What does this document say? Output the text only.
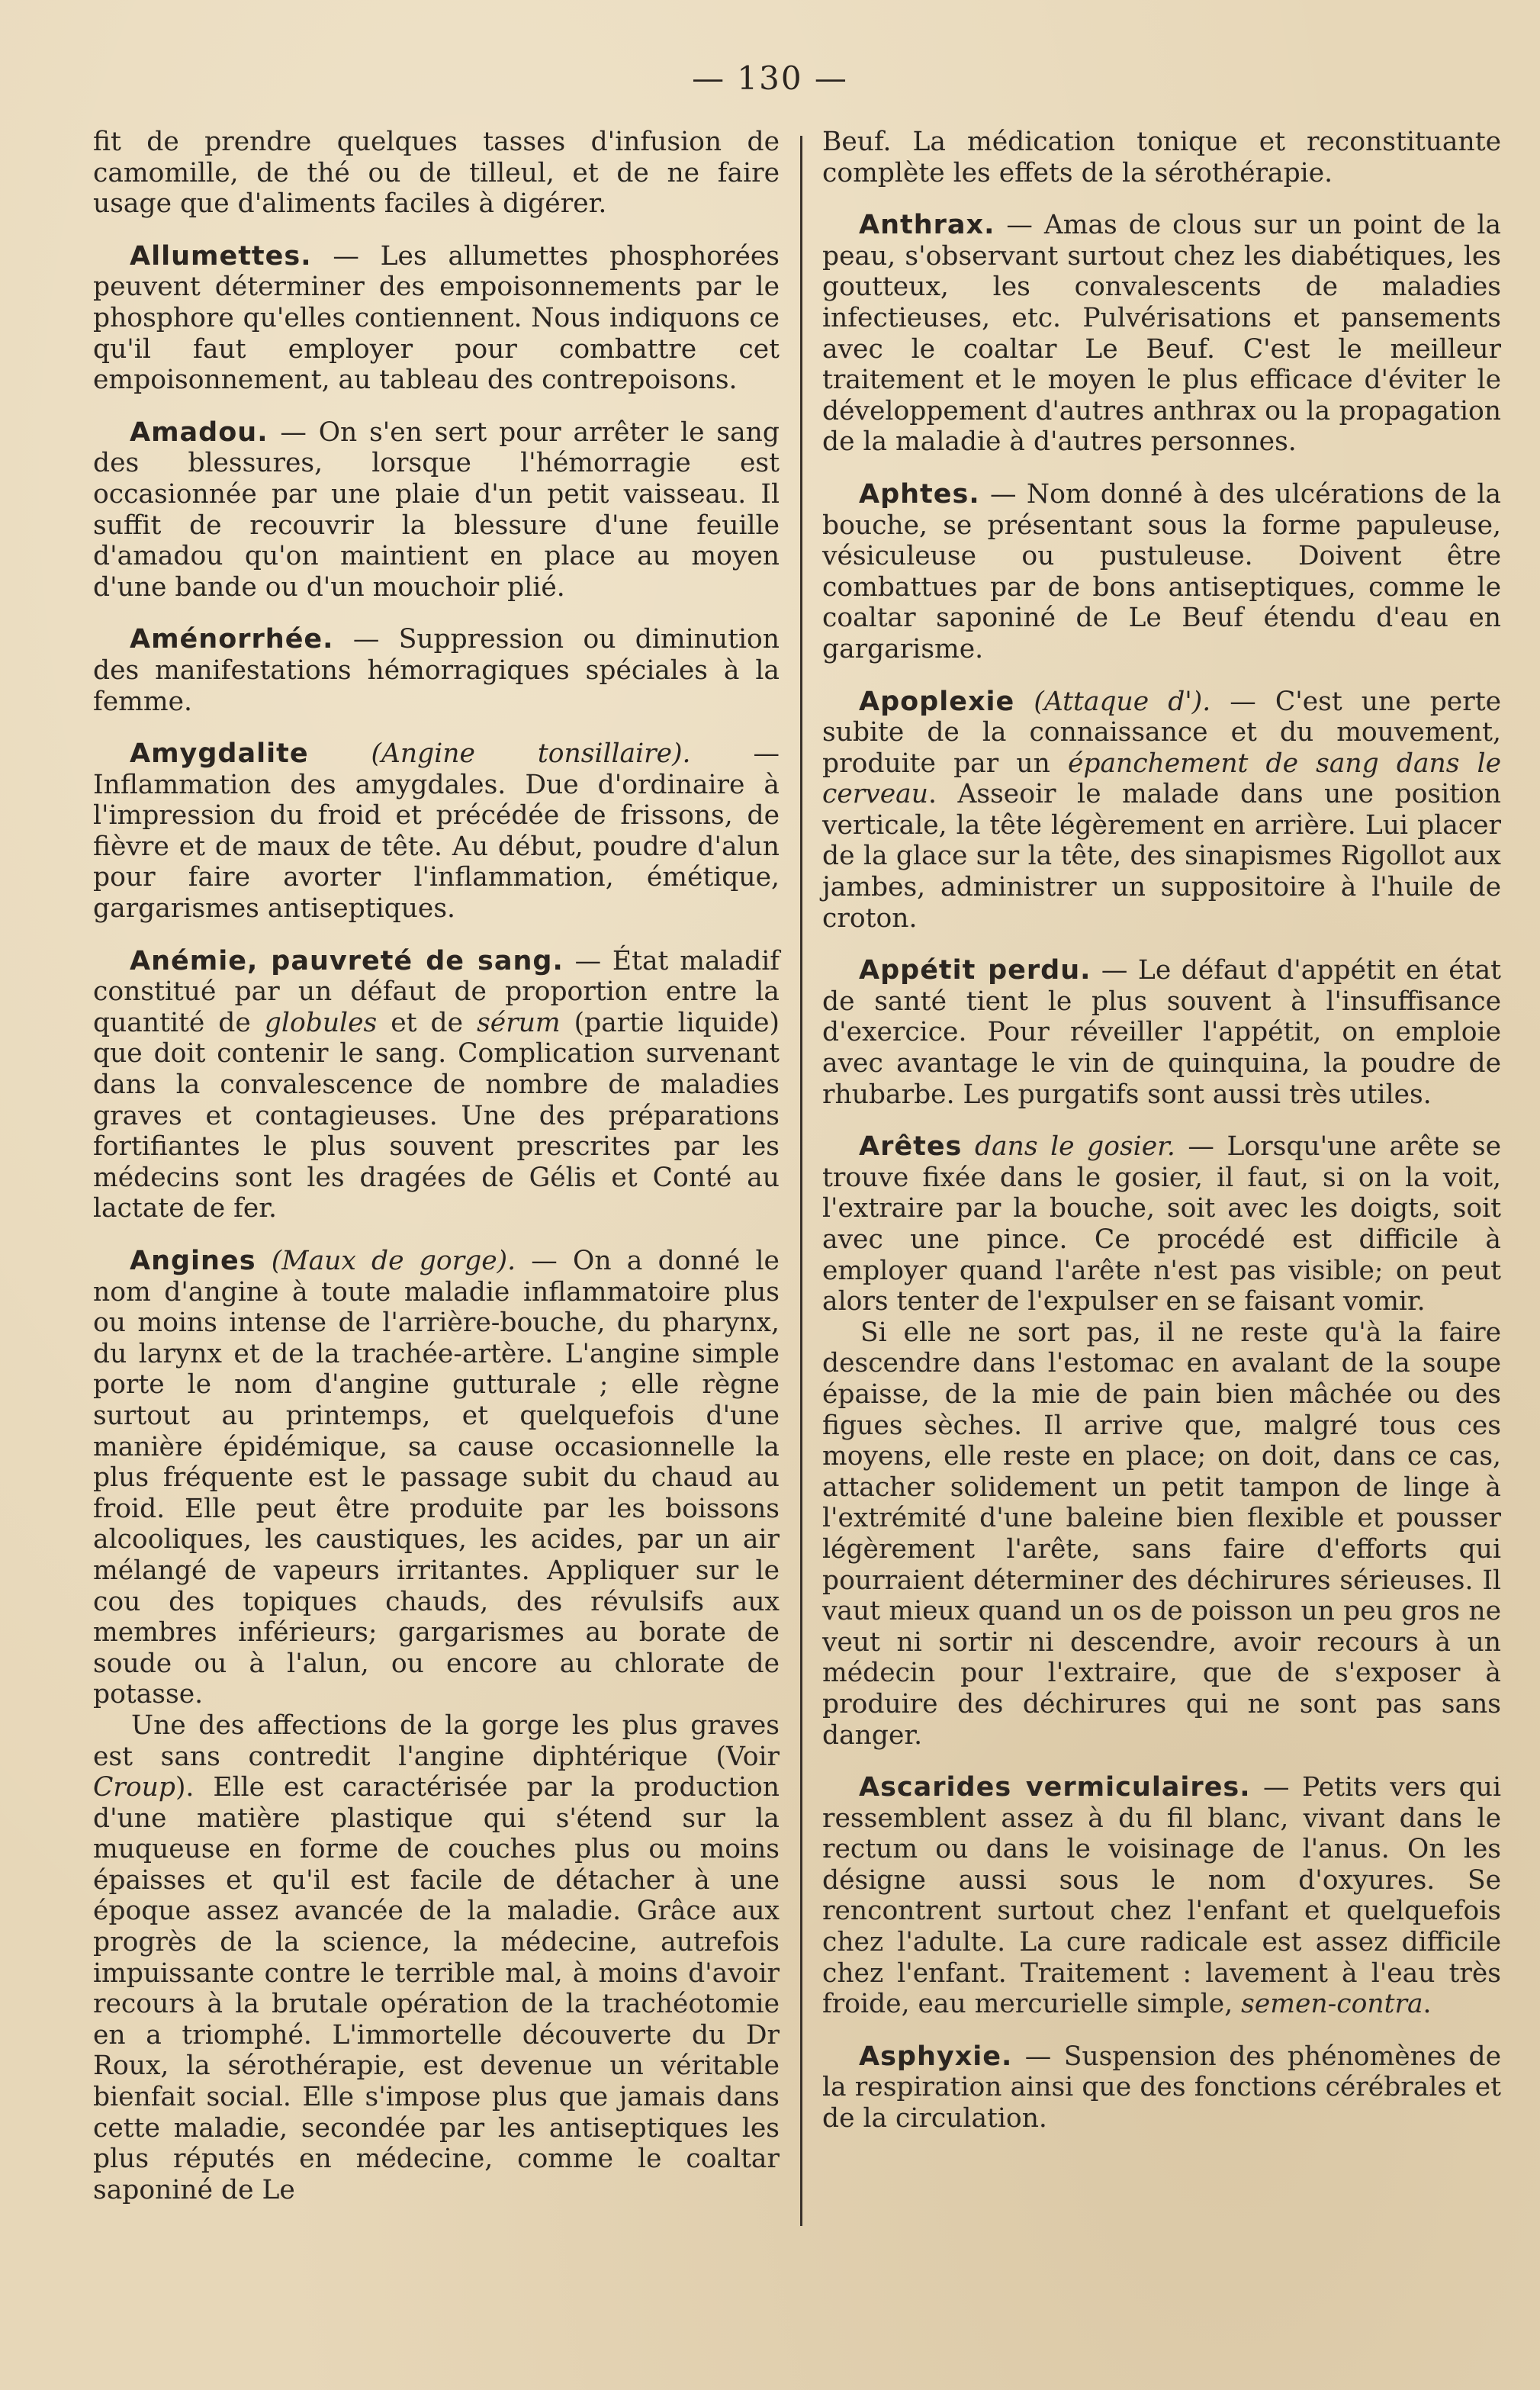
— 130 —

fit de prendre quelques tasses d'infusion de camomille, de thé ou de tilleul, et de ne faire usage que d'aliments faciles à digérer.

Allumettes. — Les allumettes phosphorées peuvent déterminer des empoisonnements par le phosphore qu'elles contiennent. Nous indiquons ce qu'il faut employer pour combattre cet empoisonnement, au tableau des contrepoisons.

Amadou. — On s'en sert pour arrêter le sang des blessures, lorsque l'hémorragie est occasionnée par une plaie d'un petit vaisseau. Il suffit de recouvrir la blessure d'une feuille d'amadou qu'on maintient en place au moyen d'une bande ou d'un mouchoir plié.

Aménorrhée. — Suppression ou diminution des manifestations hémorragiques spéciales à la femme.

Amygdalite (Angine tonsillaire). — Inflammation des amygdales. Due d'ordinaire à l'impression du froid et précédée de frissons, de fièvre et de maux de tête. Au début, poudre d'alun pour faire avorter l'inflammation, émétique, gargarismes antiseptiques.

Anémie, pauvreté de sang. — État maladif constitué par un défaut de proportion entre la quantité de globules et de sérum (partie liquide) que doit contenir le sang. Complication survenant dans la convalescence de nombre de maladies graves et contagieuses. Une des préparations fortifiantes le plus souvent prescrites par les médecins sont les dragées de Gélis et Conté au lactate de fer.

Angines (Maux de gorge). — On a donné le nom d'angine à toute maladie inflammatoire plus ou moins intense de l'arrière-bouche, du pharynx, du larynx et de la trachée-artère. L'angine simple porte le nom d'angine gutturale ; elle règne surtout au printemps, et quelquefois d'une manière épidémique, sa cause occasionnelle la plus fréquente est le passage subit du chaud au froid. Elle peut être produite par les boissons alcooliques, les caustiques, les acides, par un air mélangé de vapeurs irritantes. Appliquer sur le cou des topiques chauds, des révulsifs aux membres inférieurs; gargarismes au borate de soude ou à l'alun, ou encore au chlorate de potasse.

Une des affections de la gorge les plus graves est sans contredit l'angine diphtérique (Voir Croup). Elle est caractérisée par la production d'une matière plastique qui s'étend sur la muqueuse en forme de couches plus ou moins épaisses et qu'il est facile de détacher à une époque assez avancée de la maladie. Grâce aux progrès de la science, la médecine, autrefois impuissante contre le terrible mal, à moins d'avoir recours à la brutale opération de la trachéotomie en a triomphé. L'immortelle découverte du Dr Roux, la sérothérapie, est devenue un véritable bienfait social. Elle s'impose plus que jamais dans cette maladie, secondée par les antiseptiques les plus réputés en médecine, comme le coaltar saponiné de Le

Beuf. La médication tonique et reconstituante complète les effets de la sérothérapie.

Anthrax. — Amas de clous sur un point de la peau, s'observant surtout chez les diabétiques, les goutteux, les convalescents de maladies infectieuses, etc. Pulvérisations et pansements avec le coaltar Le Beuf. C'est le meilleur traitement et le moyen le plus efficace d'éviter le développement d'autres anthrax ou la propagation de la maladie à d'autres personnes.

Aphtes. — Nom donné à des ulcérations de la bouche, se présentant sous la forme papuleuse, vésiculeuse ou pustuleuse. Doivent être combattues par de bons antiseptiques, comme le coaltar saponiné de Le Beuf étendu d'eau en gargarisme.

Apoplexie (Attaque d'). — C'est une perte subite de la connaissance et du mouvement, produite par un épanchement de sang dans le cerveau. Asseoir le malade dans une position verticale, la tête légèrement en arrière. Lui placer de la glace sur la tête, des sinapismes Rigollot aux jambes, administrer un suppositoire à l'huile de croton.

Appétit perdu. — Le défaut d'appétit en état de santé tient le plus souvent à l'insuffisance d'exercice. Pour réveiller l'appétit, on emploie avec avantage le vin de quinquina, la poudre de rhubarbe. Les purgatifs sont aussi très utiles.

Arêtes dans le gosier. — Lorsqu'une arête se trouve fixée dans le gosier, il faut, si on la voit, l'extraire par la bouche, soit avec les doigts, soit avec une pince. Ce procédé est difficile à employer quand l'arête n'est pas visible; on peut alors tenter de l'expulser en se faisant vomir.

Si elle ne sort pas, il ne reste qu'à la faire descendre dans l'estomac en avalant de la soupe épaisse, de la mie de pain bien mâchée ou des figues sèches. Il arrive que, malgré tous ces moyens, elle reste en place; on doit, dans ce cas, attacher solidement un petit tampon de linge à l'extrémité d'une baleine bien flexible et pousser légèrement l'arête, sans faire d'efforts qui pourraient déterminer des déchirures sérieuses. Il vaut mieux quand un os de poisson un peu gros ne veut ni sortir ni descendre, avoir recours à un médecin pour l'extraire, que de s'exposer à produire des déchirures qui ne sont pas sans danger.

Ascarides vermiculaires. — Petits vers qui ressemblent assez à du fil blanc, vivant dans le rectum ou dans le voisinage de l'anus. On les désigne aussi sous le nom d'oxyures. Se rencontrent surtout chez l'enfant et quelquefois chez l'adulte. La cure radicale est assez difficile chez l'enfant. Traitement : lavement à l'eau très froide, eau mercurielle simple, semen-contra.

Asphyxie. — Suspension des phénomènes de la respiration ainsi que des fonctions cérébrales et de la circulation.
